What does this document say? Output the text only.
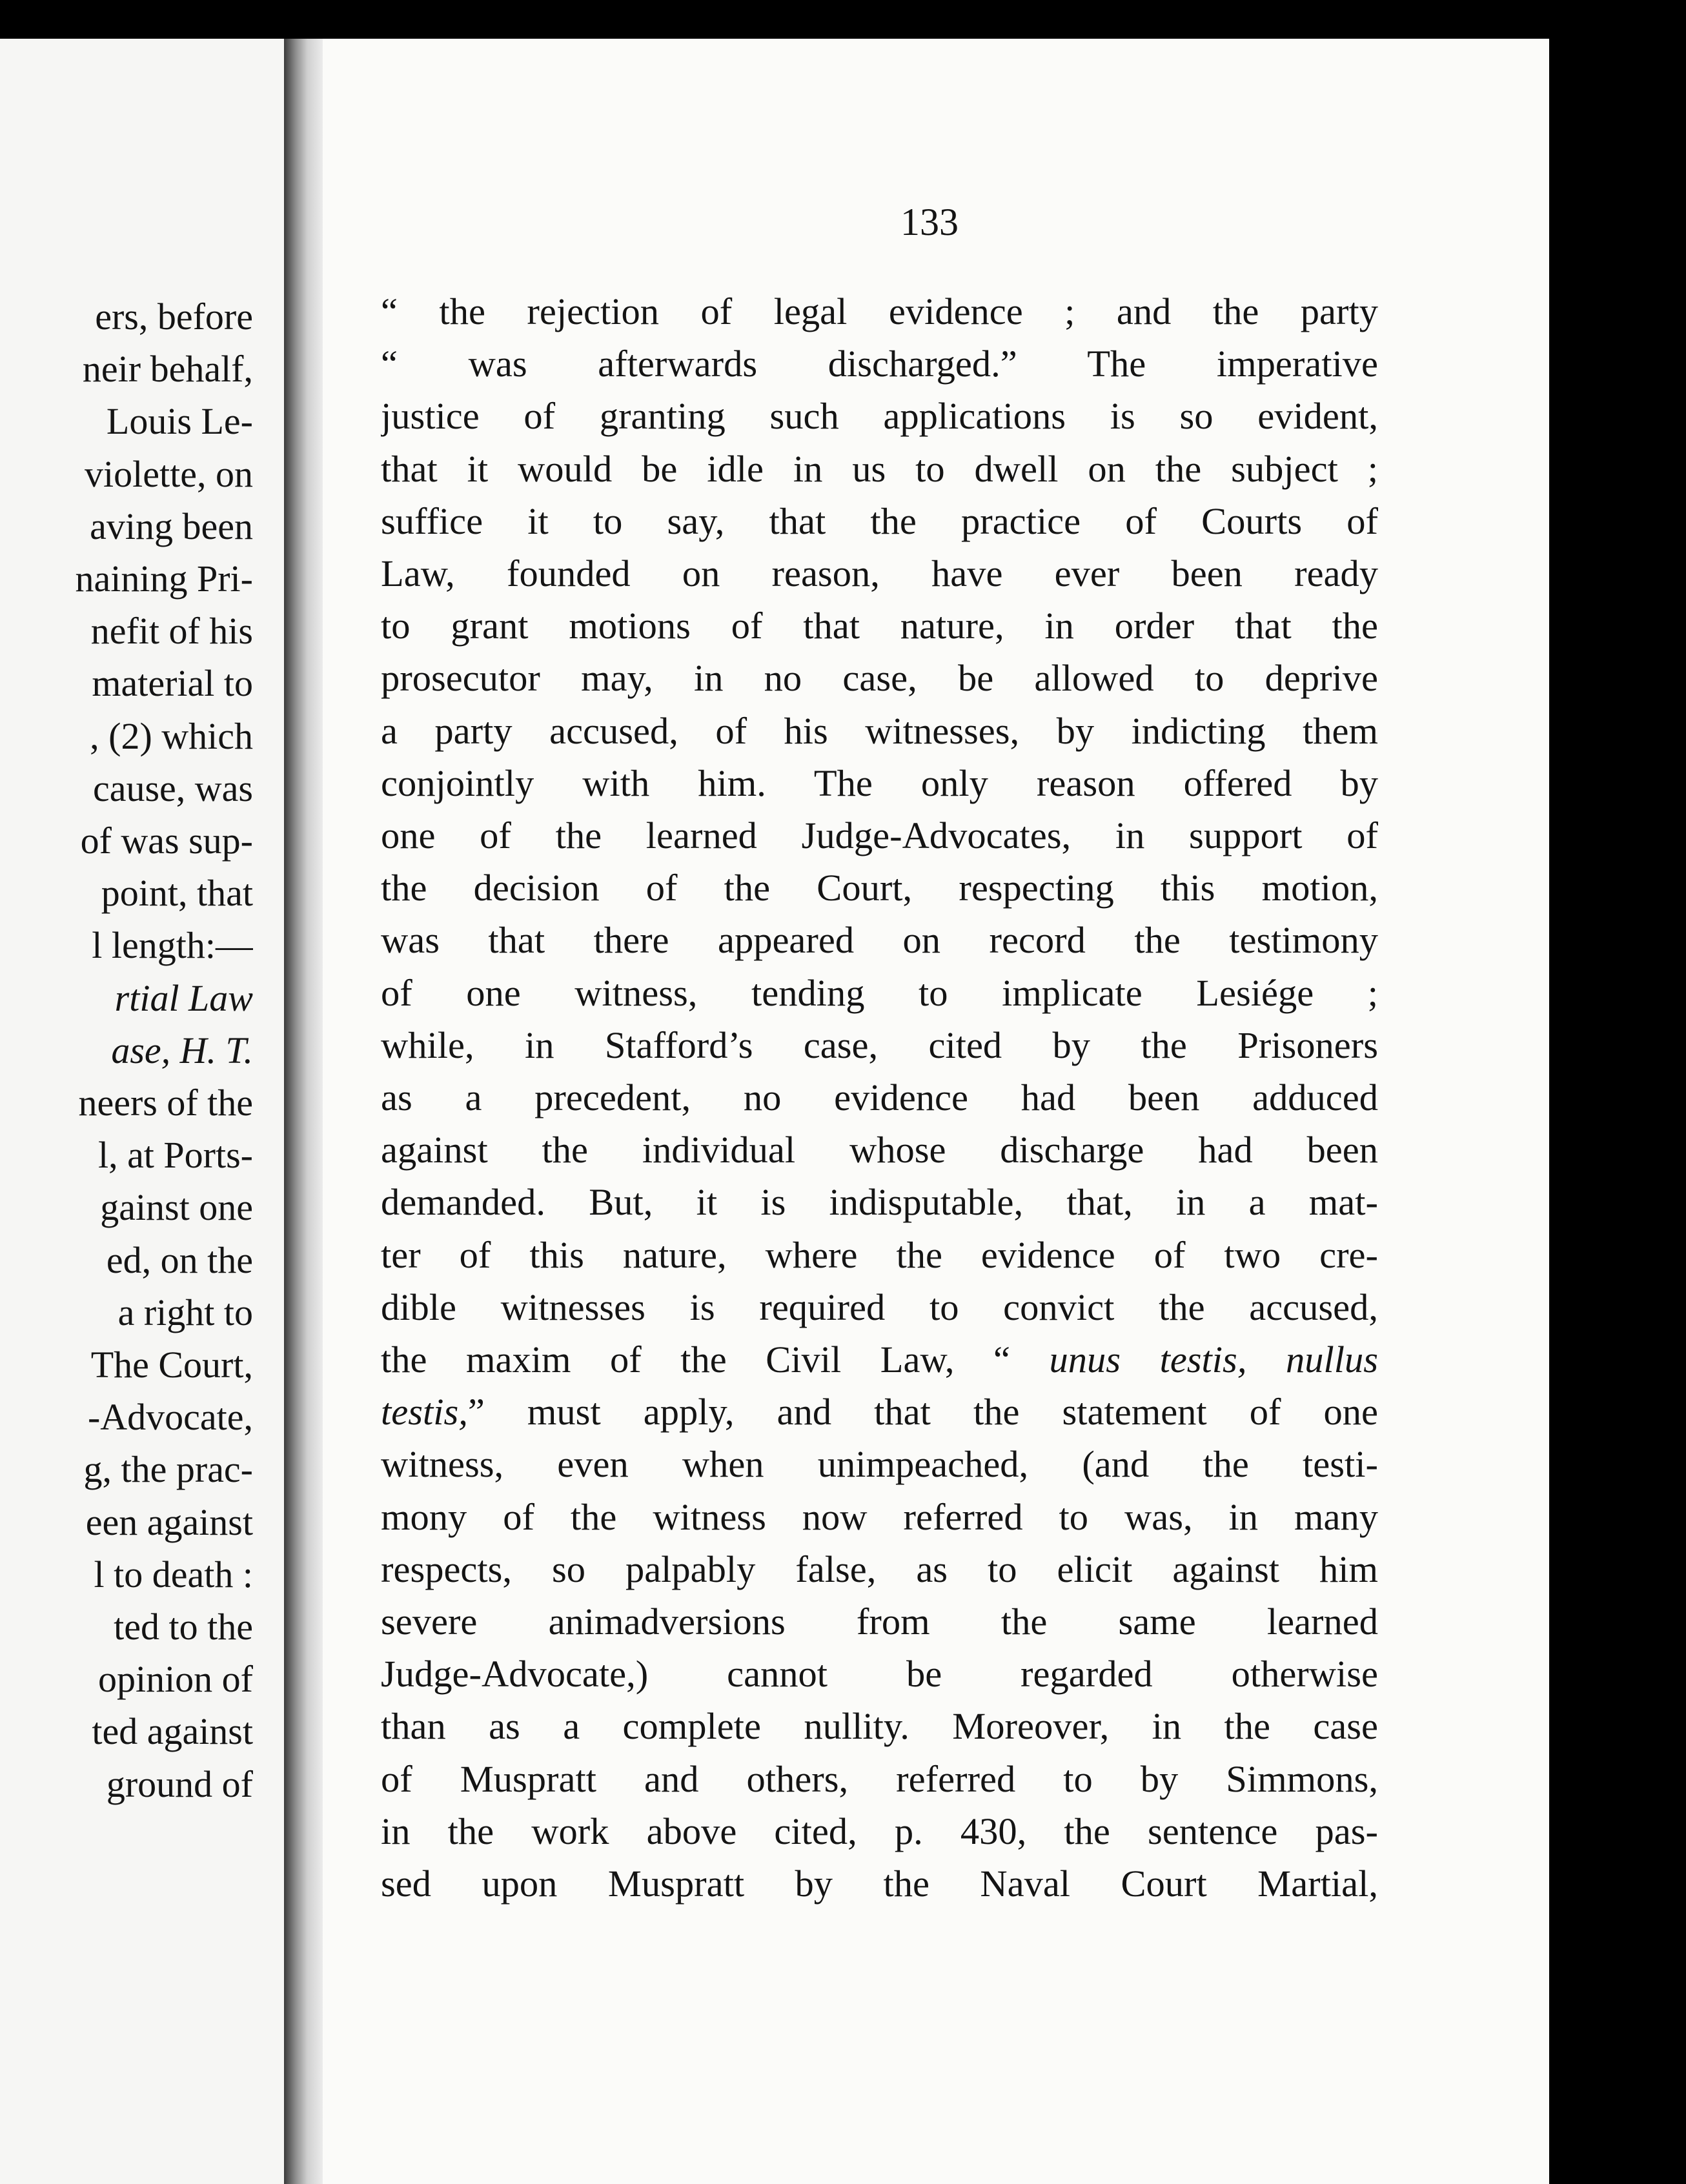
ers, before
neir behalf,
Louis Le-
violette, on
aving been
naining Pri-
nefit of his
material to
, (2) which
cause, was
of was sup-
point, that
l length:—
rtial Law
ase, H. T.
neers of the
l, at Ports-
gainst one
ed, on the
a right to
The Court,
-Advocate,
g, the prac-
een against
l to death :
ted to the
opinion of
ted against
ground of
133
“ the rejection of legal evidence ; and the party
“ was afterwards discharged.” The imperative
justice of granting such applications is so evident,
that it would be idle in us to dwell on the subject ;
suffice it to say, that the practice of Courts of
Law, founded on reason, have ever been ready
to grant motions of that nature, in order that the
prosecutor may, in no case, be allowed to deprive
a party accused, of his witnesses, by indicting them
conjointly with him. The only reason offered by
one of the learned Judge-Advocates, in support of
the decision of the Court, respecting this motion,
was that there appeared on record the testimony
of one witness, tending to implicate Lesiége ;
while, in Stafford’s case, cited by the Prisoners
as a precedent, no evidence had been adduced
against the individual whose discharge had been
demanded. But, it is indisputable, that, in a mat-
ter of this nature, where the evidence of two cre-
dible witnesses is required to convict the accused,
the maxim of the Civil Law, “ unus testis, nullus
testis,” must apply, and that the statement of one
witness, even when unimpeached, (and the testi-
mony of the witness now referred to was, in many
respects, so palpably false, as to elicit against him
severe animadversions from the same learned
Judge-Advocate,) cannot be regarded otherwise
than as a complete nullity. Moreover, in the case
of Muspratt and others, referred to by Simmons,
in the work above cited, p. 430, the sentence pas-
sed upon Muspratt by the Naval Court Martial,
